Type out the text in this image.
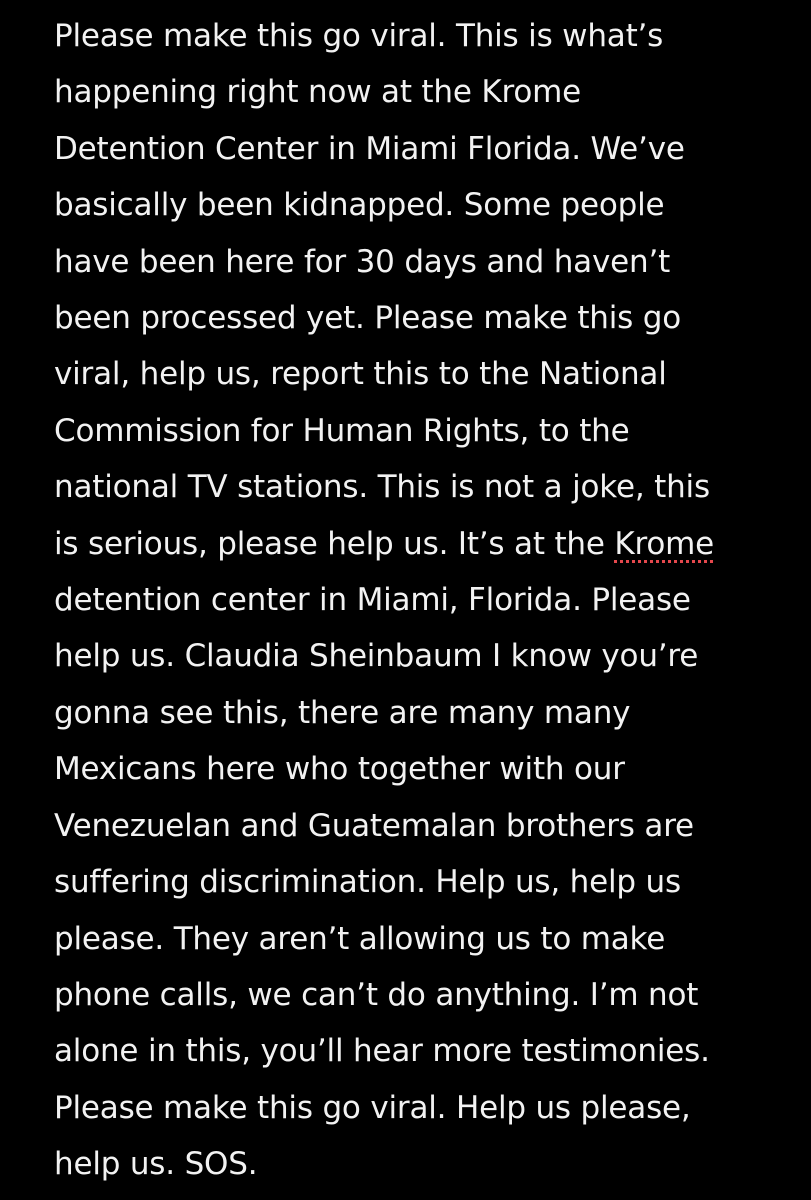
Please make this go viral. This is what’s
happening right now at the Krome
Detention Center in Miami Florida. We’ve
basically been kidnapped. Some people
have been here for 30 days and haven’t
been processed yet. Please make this go
viral, help us, report this to the National
Commission for Human Rights, to the
national TV stations. This is not a joke, this
is serious, please help us. It’s at the Krome
detention center in Miami, Florida. Please
help us. Claudia Sheinbaum I know you’re
gonna see this, there are many many
Mexicans here who together with our
Venezuelan and Guatemalan brothers are
suffering discrimination. Help us, help us
please. They aren’t allowing us to make
phone calls, we can’t do anything. I’m not
alone in this, you’ll hear more testimonies.
Please make this go viral. Help us please,
help us. SOS.
